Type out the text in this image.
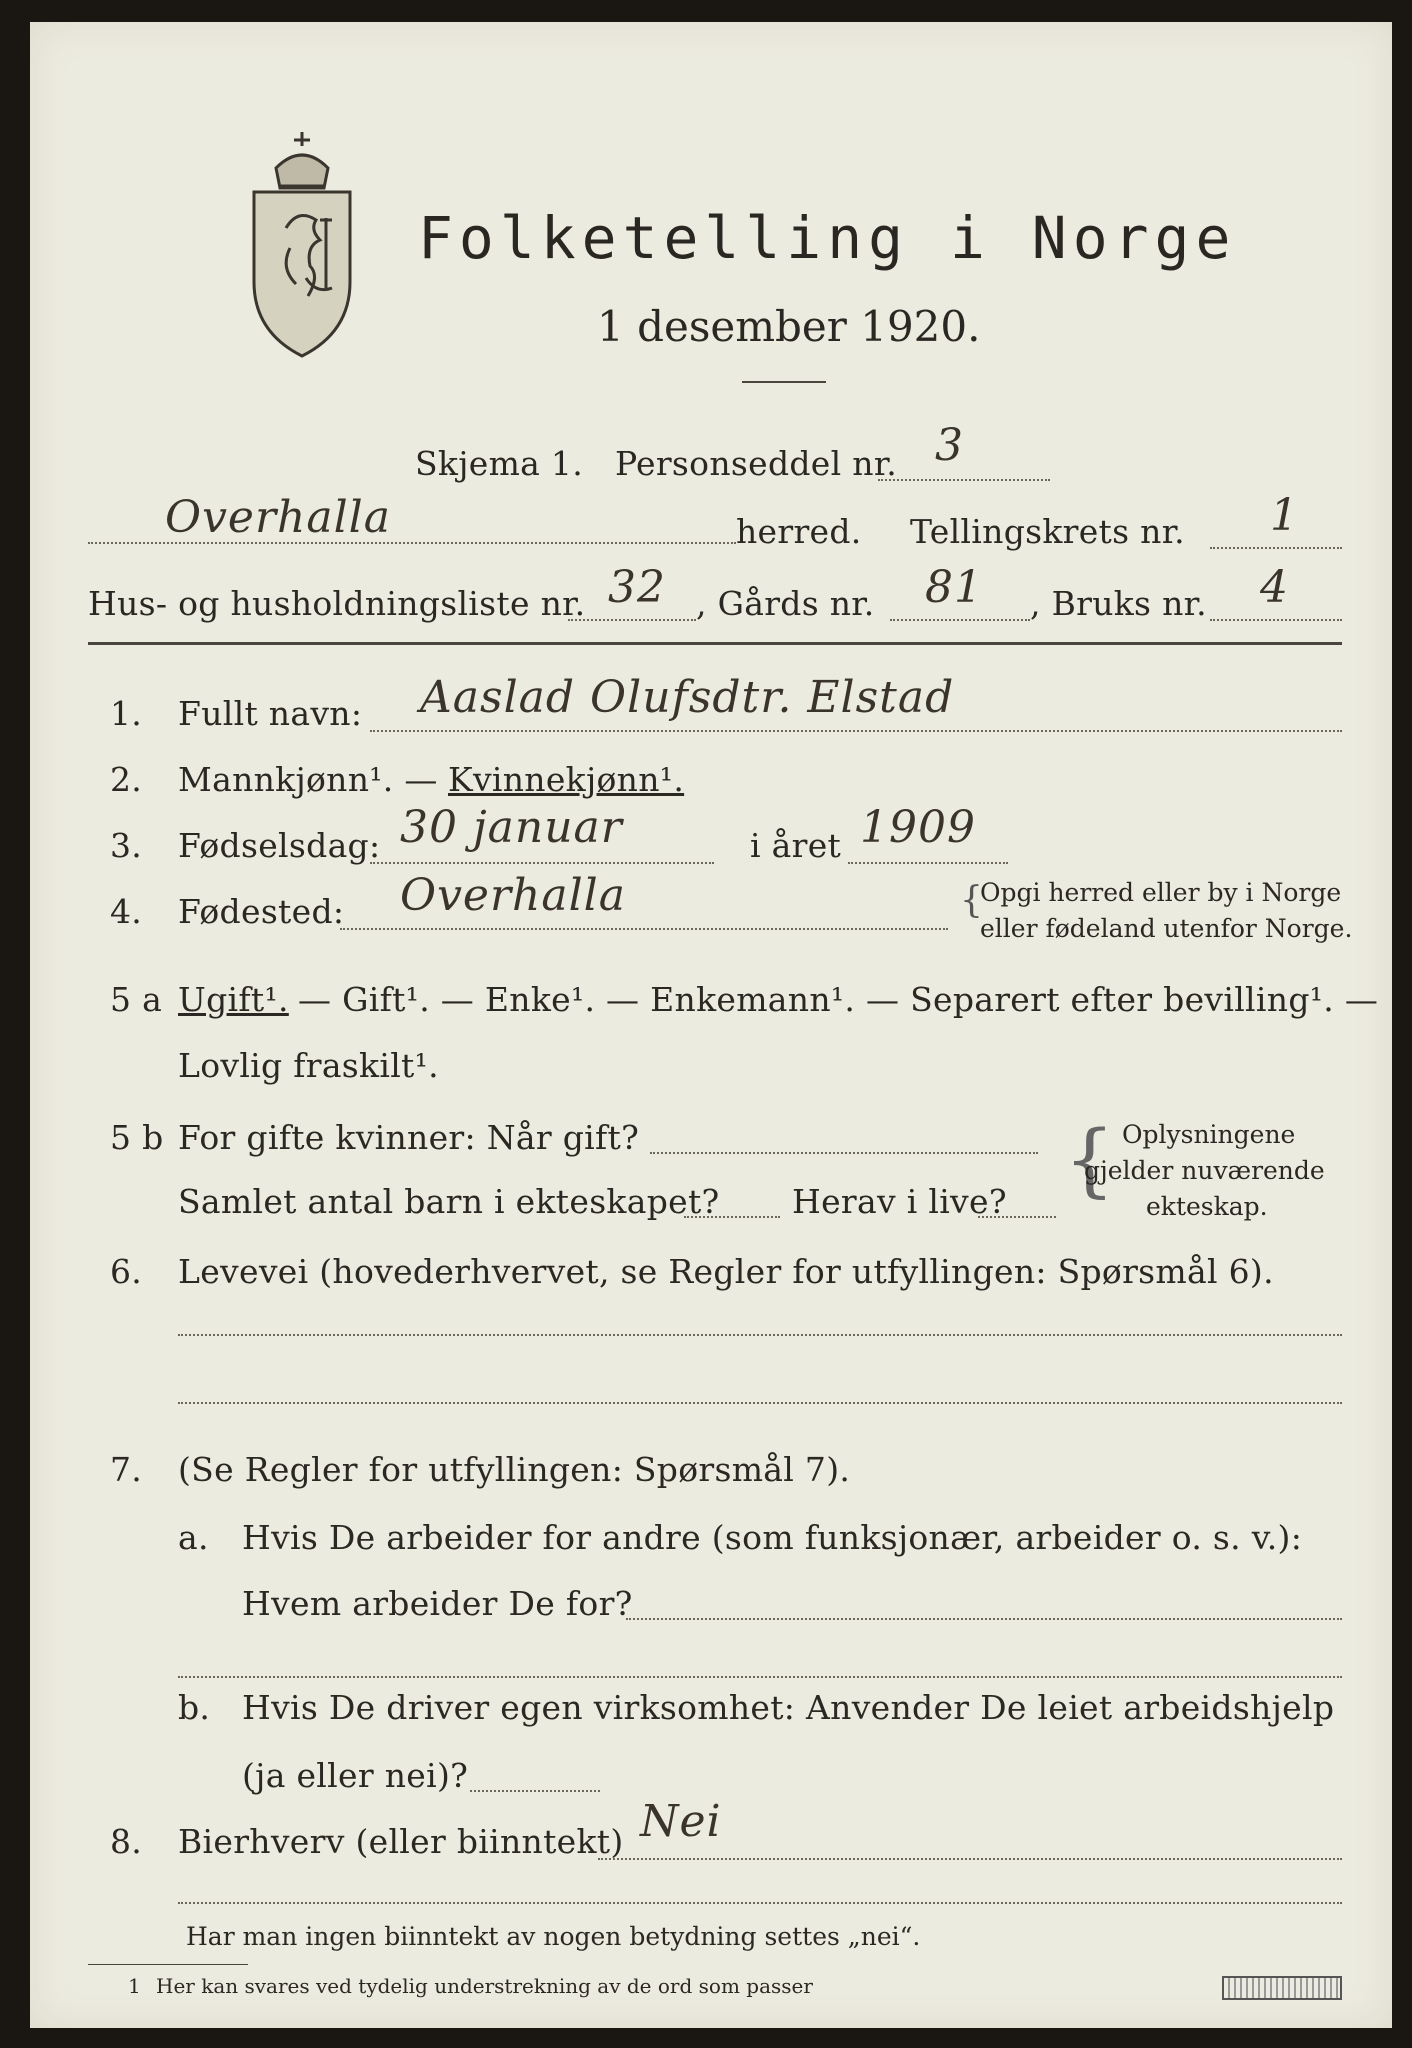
Folketelling i Norge
1 desember 1920.
Skjema 1. Personseddel nr. 3
Overhalla	herred. Tellingskrets nr. 1
Hus- og husholdningsliste nr. 32 , Gårds nr. 81 , Bruks nr. 4
1. Fullt navn: Aaslad Olufsdtr. Elstad
2. Mannkjønn¹. — Kvinnekjønn¹.
3. Fødselsdag: 30 januar	i året 1909
4. Fødested: Overhalla	{
Opgi herred eller by i Norge
eller fødeland utenfor Norge.
5 a Ugift¹. — Gift¹. — Enke¹. — Enkemann¹. — Separert efter bevilling¹. —
Lovlig fraskilt¹.
5 b For gifte kvinner: Når gift?
Samlet antal barn i ekteskapet? Herav i live? { Oplysningene
gjelder nuværende
ekteskap.
6. Levevei (hovederhvervet, se Regler for utfyllingen: Spørsmål 6).
7. (Se Regler for utfyllingen: Spørsmål 7).
a. Hvis De arbeider for andre (som funksjonær, arbeider o. s. v.):
Hvem arbeider De for?
b. Hvis De driver egen virksomhet: Anvender De leiet arbeidshjelp
(ja eller nei)?
8. Bierhverv (eller biinntekt) Nei
Har man ingen biinntekt av nogen betydning settes „nei“.
1 Her kan svares ved tydelig understrekning av de ord som passer
